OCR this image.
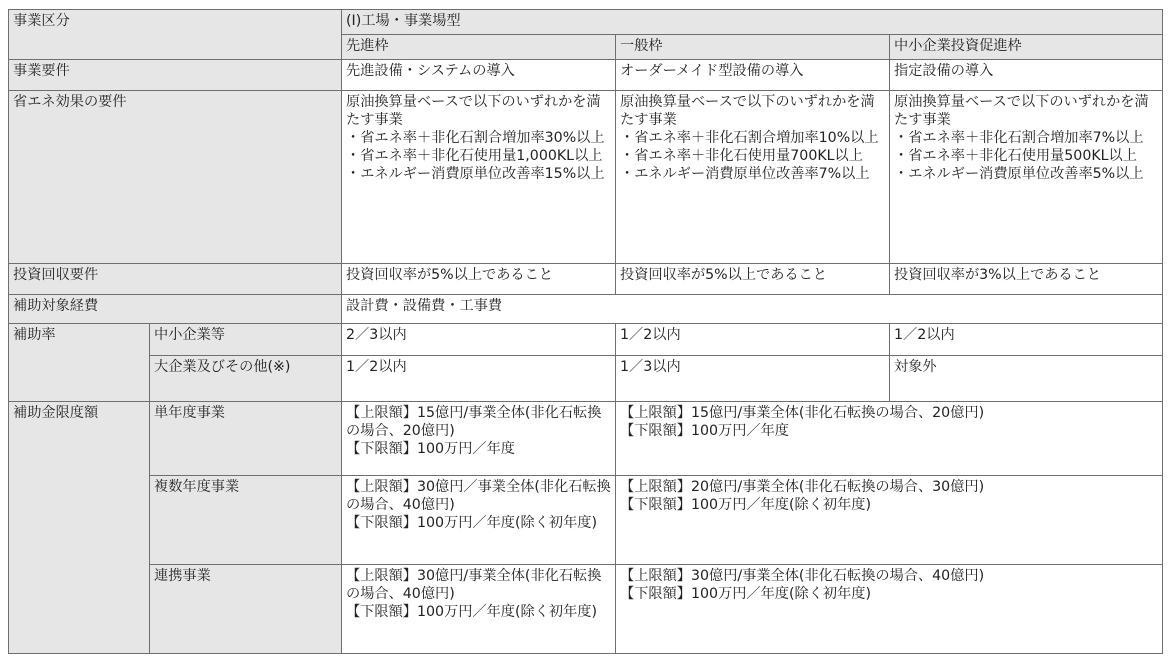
事業区分		(Ⅰ)工場・事業場型		
		先進枠	一般枠	中小企業投資促進枠
事業要件		先進設備・システムの導入	オーダーメイド型設備の導入	指定設備の導入
省エネ効果の要件		原油換算量ベースで以下のいずれかを満たす事業
・省エネ率＋非化石割合増加率30%以上
・省エネ率＋非化石使用量1,000KL以上
・エネルギー消費原単位改善率15%以上	原油換算量ベースで以下のいずれかを満たす事業
・省エネ率＋非化石割合増加率10%以上
・省エネ率＋非化石使用量700KL以上
・エネルギー消費原単位改善率7%以上	原油換算量ベースで以下のいずれかを満たす事業
・省エネ率＋非化石割合増加率7%以上
・省エネ率＋非化石使用量500KL以上
・エネルギー消費原単位改善率5%以上
投資回収要件		投資回収率が5%以上であること	投資回収率が5%以上であること	投資回収率が3%以上であること
補助対象経費		設計費・設備費・工事費		
補助率	中小企業等	2／3以内	1／2以内	1／2以内
	大企業及びその他(※)	1／2以内	1／3以内	対象外
補助金限度額	単年度事業	【上限額】15億円/事業全体(非化石転換の場合、20億円)
【下限額】100万円／年度	【上限額】15億円/事業全体(非化石転換の場合、20億円)
【下限額】100万円／年度	
	複数年度事業	【上限額】30億円／事業全体(非化石転換の場合、40億円)
【下限額】100万円／年度(除く初年度)	【上限額】20億円/事業全体(非化石転換の場合、30億円)
【下限額】100万円／年度(除く初年度)	
	連携事業	【上限額】30億円/事業全体(非化石転換の場合、40億円)
【下限額】100万円／年度(除く初年度)	【上限額】30億円/事業全体(非化石転換の場合、40億円)
【下限額】100万円／年度(除く初年度)	
